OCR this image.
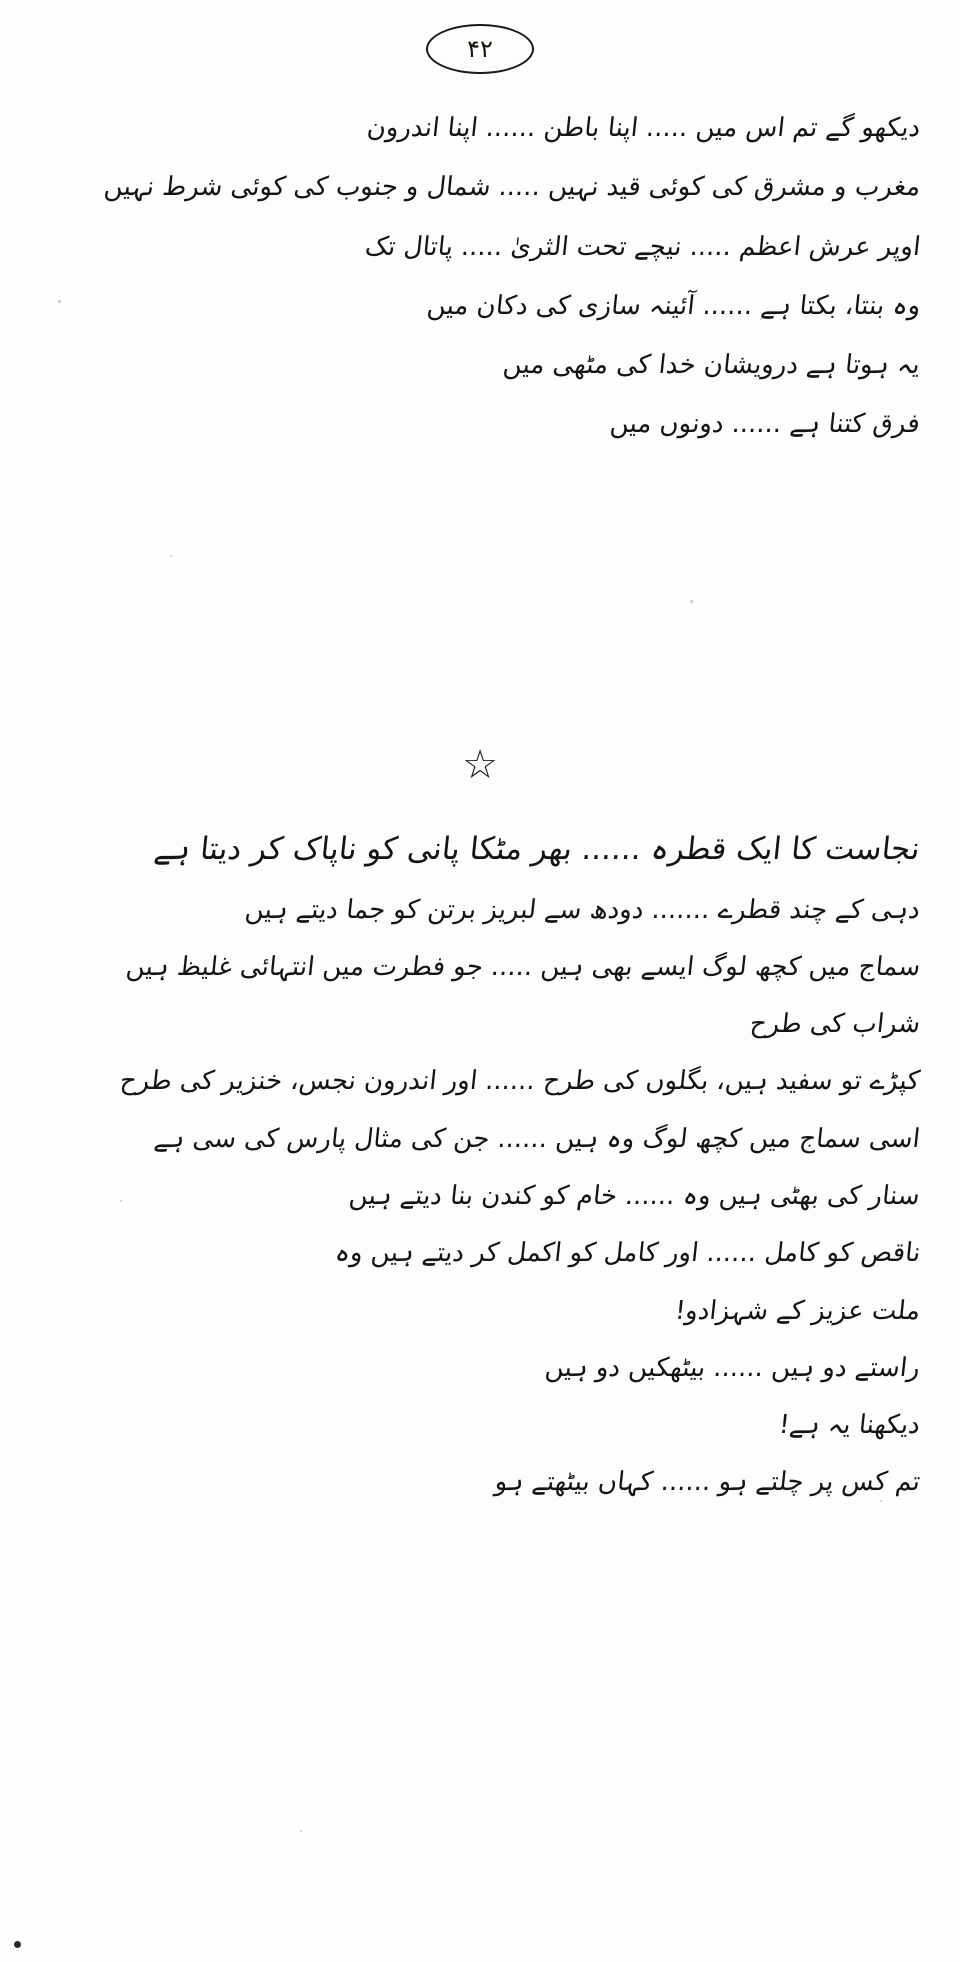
۴۲
دیکھو گے تم اس میں ..... اپنا باطن ...... اپنا اندرون
مغرب و مشرق کی کوئی قید نہیں ..... شمال و جنوب کی کوئی شرط نہیں
اوپر عرش اعظم ..... نیچے تحت الثریٰ ..... پاتال تک
وہ بنتا، بکتا ہے ...... آئینہ سازی کی دکان میں
یہ ہوتا ہے درویشان خدا کی مٹھی میں
فرق کتنا ہے ...... دونوں میں
☆
نجاست کا ایک قطرہ ...... بھر مٹکا پانی کو ناپاک کر دیتا ہے
دہی کے چند قطرے ....... دودھ سے لبریز برتن کو جما دیتے ہیں
سماج میں کچھ لوگ ایسے بھی ہیں ..... جو فطرت میں انتہائی غلیظ ہیں
شراب کی طرح
کپڑے تو سفید ہیں، بگلوں کی طرح ...... اور اندرون نجس، خنزیر کی طرح
اسی سماج میں کچھ لوگ وہ ہیں ...... جن کی مثال پارس کی سی ہے
سنار کی بھٹی ہیں وہ ...... خام کو کندن بنا دیتے ہیں
ناقص کو کامل ...... اور کامل کو اکمل کر دیتے ہیں وہ
ملت عزیز کے شہزادو!
راستے دو ہیں ...... بیٹھکیں دو ہیں
دیکھنا یہ ہے!
تم کس پر چلتے ہو ...... کہاں بیٹھتے ہو
